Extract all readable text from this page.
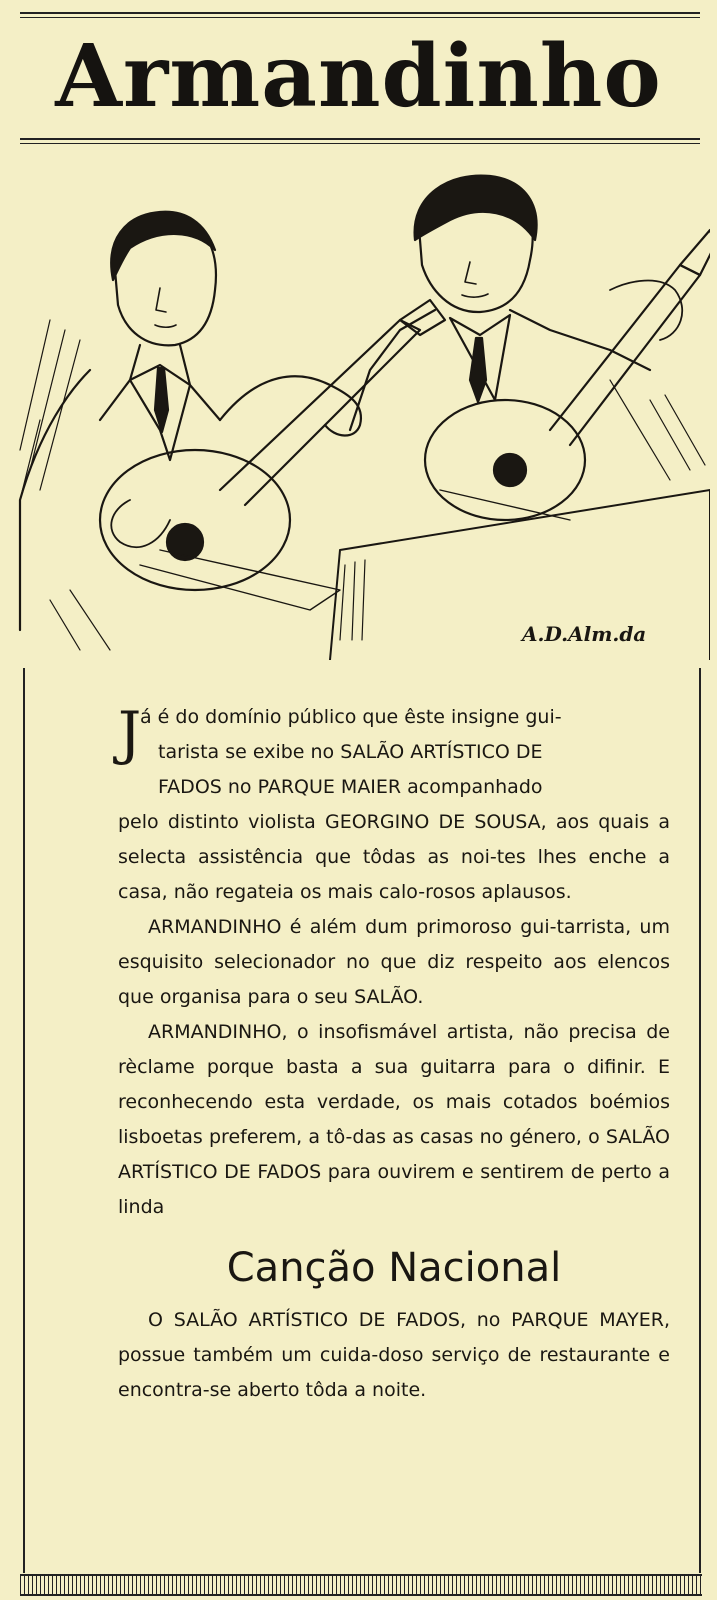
Armandinho
A.D.Alm.da
J

á é do domínio público que êste insigne gui-

tarista se exibe no SALÃO ARTÍSTICO DE

FADOS no PARQUE MAIER acompanhado

pelo distinto violista GEORGINO DE SOUSA, aos quais a selecta assistência que tôdas as noi-tes lhes enche a casa, não regateia os mais calo-rosos aplausos.

ARMANDINHO é além dum primoroso gui-tarrista, um esquisito selecionador no que diz respeito aos elencos que organisa para o seu SALÃO.

ARMANDINHO, o insofismável artista, não precisa de rèclame porque basta a sua guitarra para o difinir. E reconhecendo esta verdade, os mais cotados boémios lisboetas preferem, a tô-das as casas no género, o SALÃO ARTÍSTICO DE FADOS para ouvirem e sentirem de perto a linda

Canção Nacional

O SALÃO ARTÍSTICO DE FADOS, no PARQUE MAYER, possue também um cuida-doso serviço de restaurante e encontra-se aberto tôda a noite.
